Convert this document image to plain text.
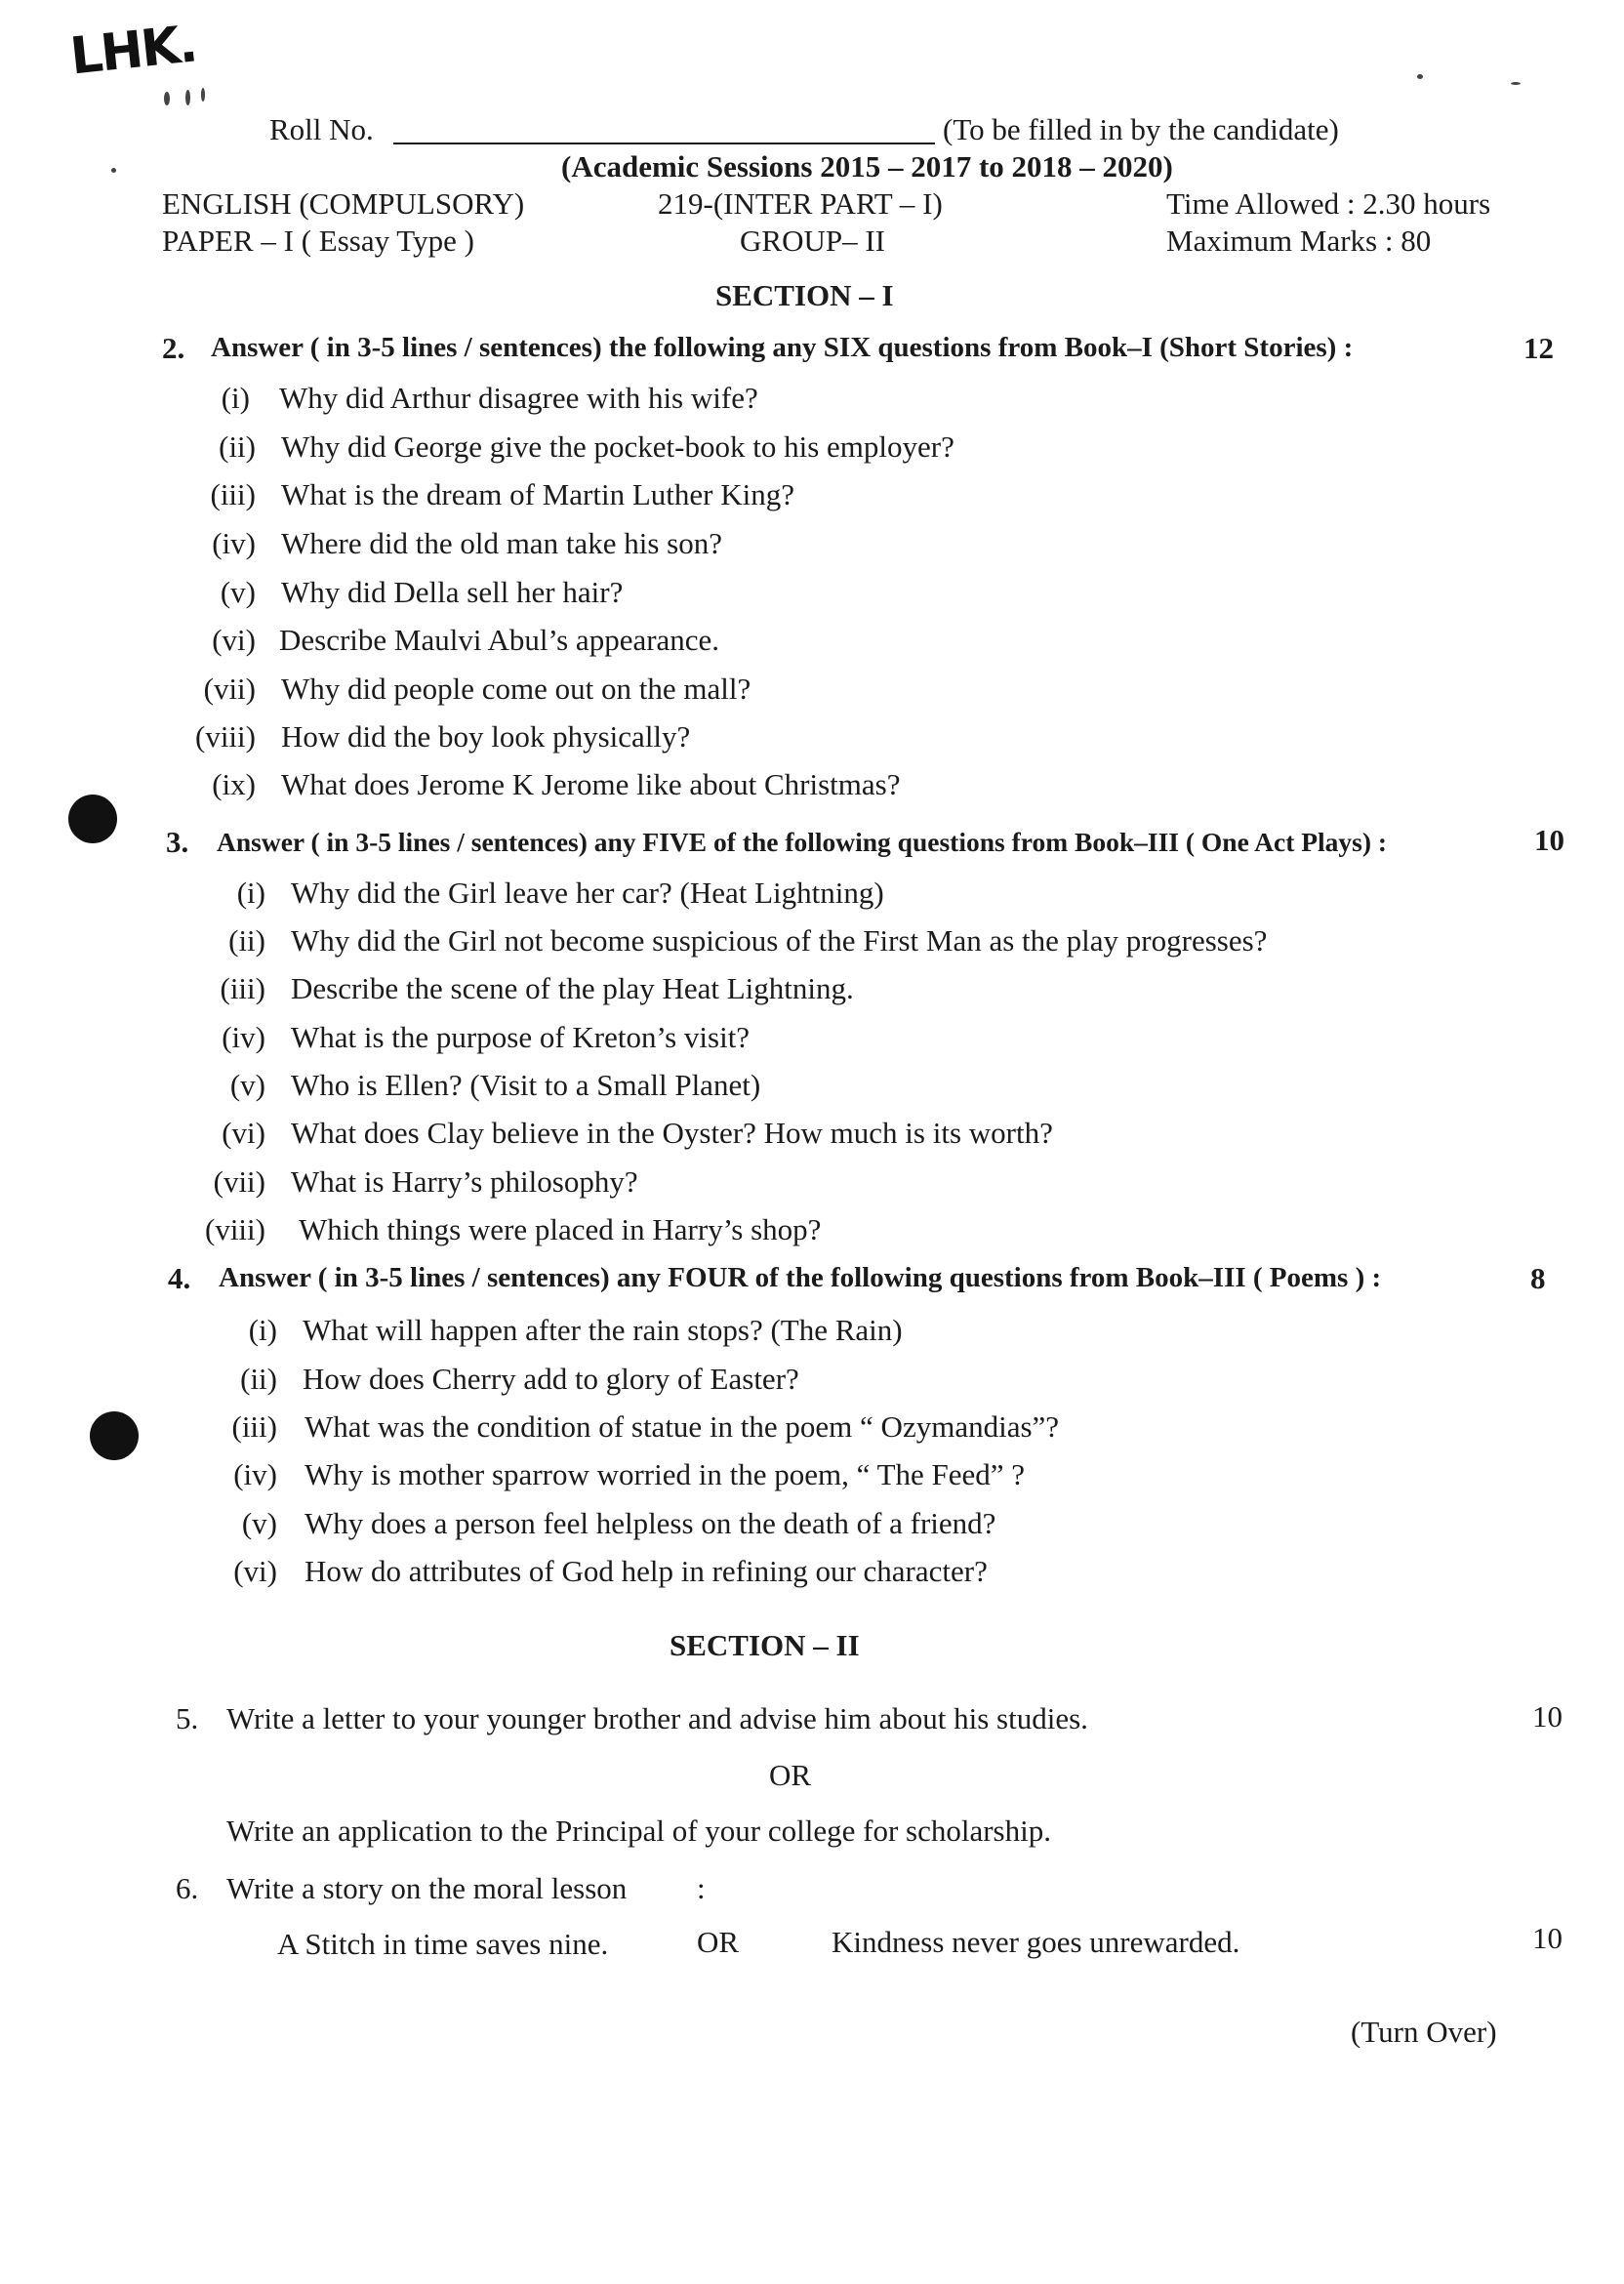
LHK.
Roll No.	(To be filled in by the candidate)
(Academic Sessions 2015 – 2017 to 2018 – 2020)
ENGLISH (COMPULSORY)	219-(INTER PART – I)	Time Allowed : 2.30 hours
PAPER – I ( Essay Type )	GROUP– II	Maximum Marks : 80
SECTION – I
2. Answer ( in 3-5 lines / sentences) the following any SIX questions from Book–I (Short Stories) :	12
(i) Why did Arthur disagree with his wife?
(ii) Why did George give the pocket-book to his employer?
(iii) What is the dream of Martin Luther King?
(iv) Where did the old man take his son?
(v) Why did Della sell her hair?
(vi) Describe Maulvi Abul’s appearance.
(vii) Why did people come out on the mall?
(viii) How did the boy look physically?
(ix) What does Jerome K Jerome like about Christmas?
3. Answer ( in 3-5 lines / sentences) any FIVE of the following questions from Book–III ( One Act Plays) :	10
(i) Why did the Girl leave her car? (Heat Lightning)
(ii) Why did the Girl not become suspicious of the First Man as the play progresses?
(iii) Describe the scene of the play Heat Lightning.
(iv) What is the purpose of Kreton’s visit?
(v) Who is Ellen? (Visit to a Small Planet)
(vi) What does Clay believe in the Oyster? How much is its worth?
(vii) What is Harry’s philosophy?
(viii) Which things were placed in Harry’s shop?
4. Answer ( in 3-5 lines / sentences) any FOUR of the following questions from Book–III ( Poems ) :	8
(i) What will happen after the rain stops? (The Rain)
(ii) How does Cherry add to glory of Easter?
(iii) What was the condition of statue in the poem “ Ozymandias”?
(iv) Why is mother sparrow worried in the poem, “ The Feed” ?
(v) Why does a person feel helpless on the death of a friend?
(vi) How do attributes of God help in refining our character?
SECTION – II
5. Write a letter to your younger brother and advise him about his studies.	10
OR
Write an application to the Principal of your college for scholarship.
6. Write a story on the moral lesson :
A Stitch in time saves nine.	OR	Kindness never goes unrewarded.	10
(Turn Over)
